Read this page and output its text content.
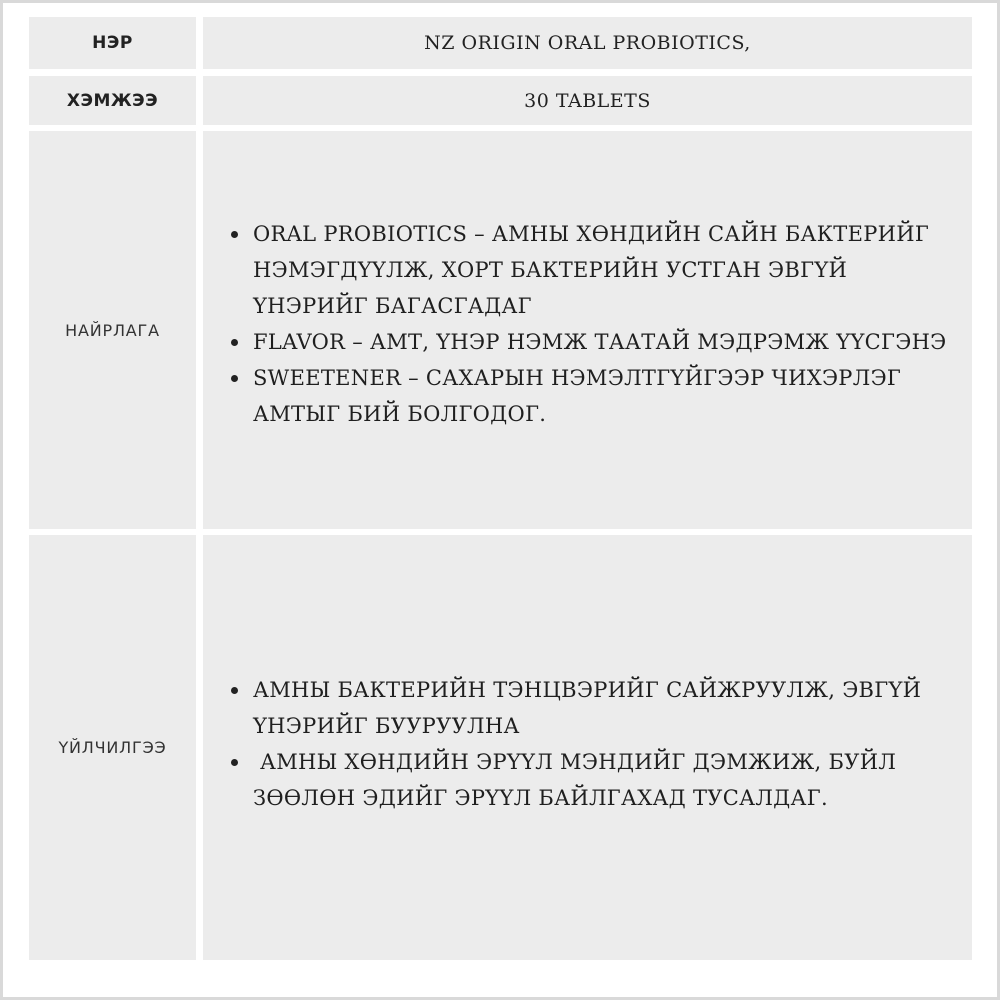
НЭР	NZ ORIGIN ORAL PROBIOTICS,
ХЭМЖЭЭ	30 TABLETS
НАЙРЛАГА
ORAL PROBIOTICS – АМНЫ ХӨНДИЙН САЙН БАКТЕРИЙГ НЭМЭГДҮҮЛЖ, ХОРТ БАКТЕРИЙН УСТГАН ЭВГҮЙ ҮНЭРИЙГ БАГАСГАДАГ
FLAVOR – АМТ, ҮНЭР НЭМЖ ТААТАЙ МЭДРЭМЖ ҮҮСГЭНЭ
SWEETENER – САХАРЫН НЭМЭЛТГҮЙГЭЭР ЧИХЭРЛЭГ АМТЫГ БИЙ БОЛГОДОГ.
ҮЙЛЧИЛГЭЭ
АМНЫ БАКТЕРИЙН ТЭНЦВЭРИЙГ САЙЖРУУЛЖ, ЭВГҮЙ ҮНЭРИЙГ БУУРУУЛНА
АМНЫ ХӨНДИЙН ЭРҮҮЛ МЭНДИЙГ ДЭМЖИЖ, БУЙЛ ЗӨӨЛӨН ЭДИЙГ ЭРҮҮЛ БАЙЛГАХАД ТУСАЛДАГ.
